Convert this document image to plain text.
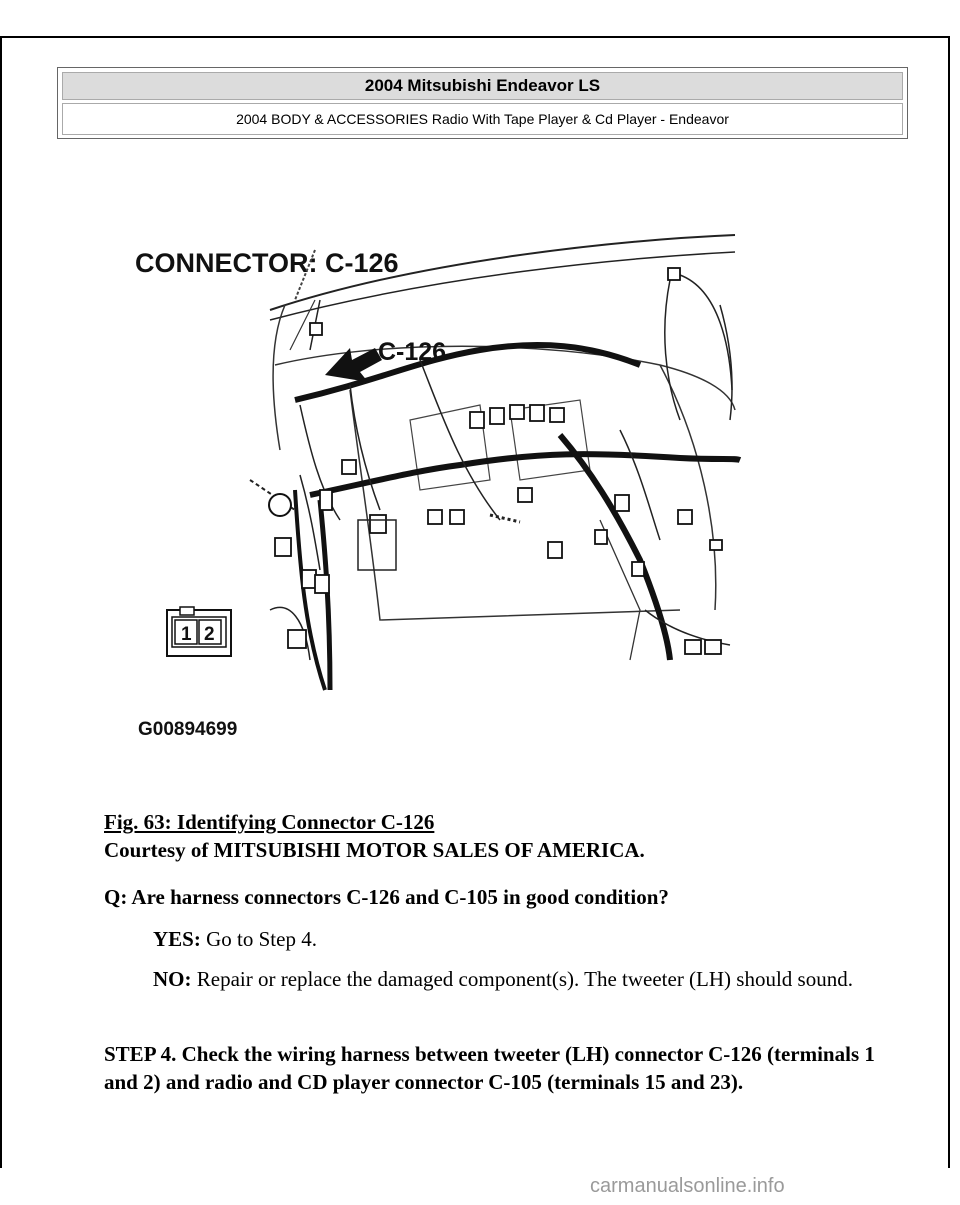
2004 Mitsubishi Endeavor LS
2004 BODY & ACCESSORIES Radio With Tape Player & Cd Player - Endeavor
CONNECTOR: C-126
C-126
1 2
G00894699
Fig. 63: Identifying Connector C-126
Courtesy of MITSUBISHI MOTOR SALES OF AMERICA.
Q: Are harness connectors C-126 and C-105 in good condition?
YES: Go to Step 4.
NO: Repair or replace the damaged component(s). The tweeter (LH) should sound.
STEP 4. Check the wiring harness between tweeter (LH) connector C-126 (terminals 1 and 2) and radio and CD player connector C-105 (terminals 15 and 23).
carmanualsonline.info
